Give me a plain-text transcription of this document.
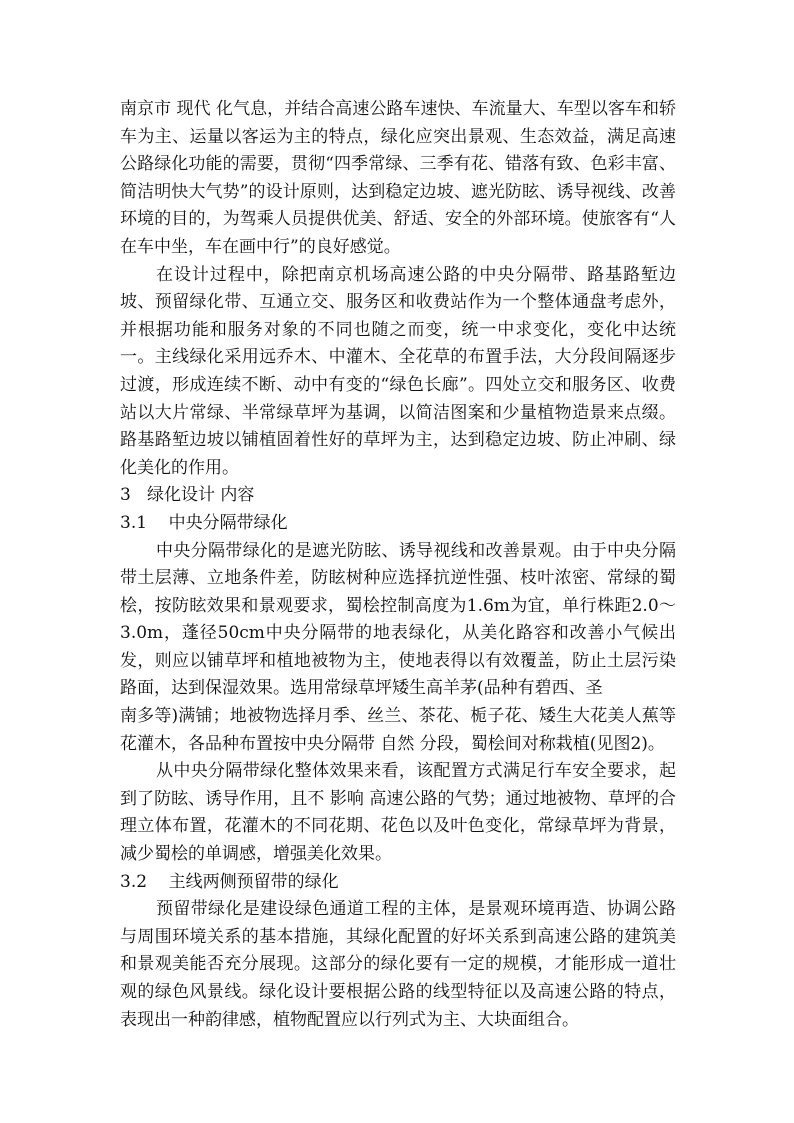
南京市 现代 化气息，并结合高速公路车速快、车流量大、车型以客车和轿车为主、运量以客运为主的特点，绿化应突出景观、生态效益，满足高速公路绿化功能的需要，贯彻“四季常绿、三季有花、错落有致、色彩丰富、简洁明快大气势”的设计原则，达到稳定边坡、遮光防眩、诱导视线、改善环境的目的，为驾乘人员提供优美、舒适、安全的外部环境。使旅客有“人在车中坐，车在画中行”的良好感觉。

在设计过程中，除把南京机场高速公路的中央分隔带、路基路堑边坡、预留绿化带、互通立交、服务区和收费站作为一个整体通盘考虑外，并根据功能和服务对象的不同也随之而变，统一中求变化，变化中达统一。主线绿化采用远乔木、中灌木、全花草的布置手法，大分段间隔逐步过渡，形成连续不断、动中有变的“绿色长廊”。四处立交和服务区、收费站以大片常绿、半常绿草坪为基调，以简洁图案和少量植物造景来点缀。路基路堑边坡以铺植固着性好的草坪为主，达到稳定边坡、防止冲刷、绿化美化的作用。

3   绿化设计 内容

3.1    中央分隔带绿化

中央分隔带绿化的是遮光防眩、诱导视线和改善景观。由于中央分隔带土层薄、立地条件差，防眩树种应选择抗逆性强、枝叶浓密、常绿的蜀桧，按防眩效果和景观要求，蜀桧控制高度为1.6m为宜，单行株距2.0～3.0m，蓬径50cm中央分隔带的地表绿化，从美化路容和改善小气候出发，则应以铺草坪和植地被物为主，使地表得以有效覆盖，防止土层污染路面，达到保湿效果。选用常绿草坪矮生高羊茅(品种有碧西、圣

南多等)满铺；地被物选择月季、丝兰、茶花、栀子花、矮生大花美人蕉等花灌木，各品种布置按中央分隔带 自然 分段，蜀桧间对称栽植(见图2)。

从中央分隔带绿化整体效果来看，该配置方式满足行车安全要求，起到了防眩、诱导作用，且不 影响 高速公路的气势；通过地被物、草坪的合理立体布置，花灌木的不同花期、花色以及叶色变化，常绿草坪为背景，减少蜀桧的单调感，增强美化效果。

3.2    主线两侧预留带的绿化

预留带绿化是建设绿色通道工程的主体，是景观环境再造、协调公路与周围环境关系的基本措施，其绿化配置的好坏关系到高速公路的建筑美和景观美能否充分展现。这部分的绿化要有一定的规模，才能形成一道壮观的绿色风景线。绿化设计要根据公路的线型特征以及高速公路的特点，表现出一种韵律感，植物配置应以行列式为主、大块面组合。
